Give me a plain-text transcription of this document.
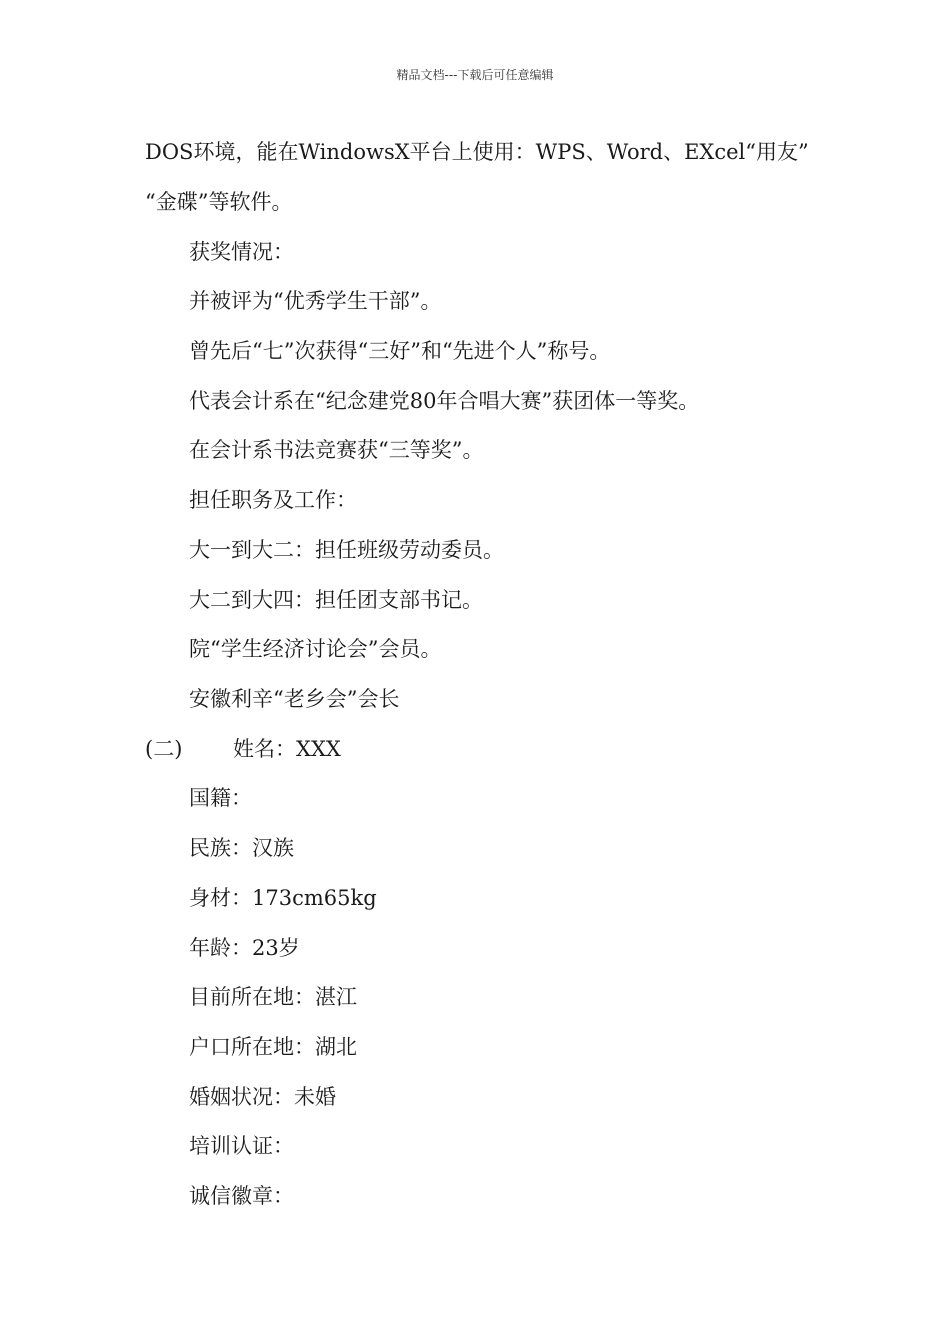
精品文档---下载后可任意编辑
DOS环境，能在WindowsX平台上使用：WPS、Word、EXcel“用友”
“金碟”等软件。
获奖情况：
并被评为“优秀学生干部”。
曾先后“七”次获得“三好”和“先进个人”称号。
代表会计系在“纪念建党80年合唱大赛”获团体一等奖。
在会计系书法竞赛获“三等奖”。
担任职务及工作：
大一到大二：担任班级劳动委员。
大二到大四：担任团支部书记。
院“学生经济讨论会”会员。
安徽利辛“老乡会”会长
(二) 姓名：XXX
国籍：
民族：汉族
身材：173cm65kg
年龄：23岁
目前所在地：湛江
户口所在地：湖北
婚姻状况：未婚
培训认证：
诚信徽章：
